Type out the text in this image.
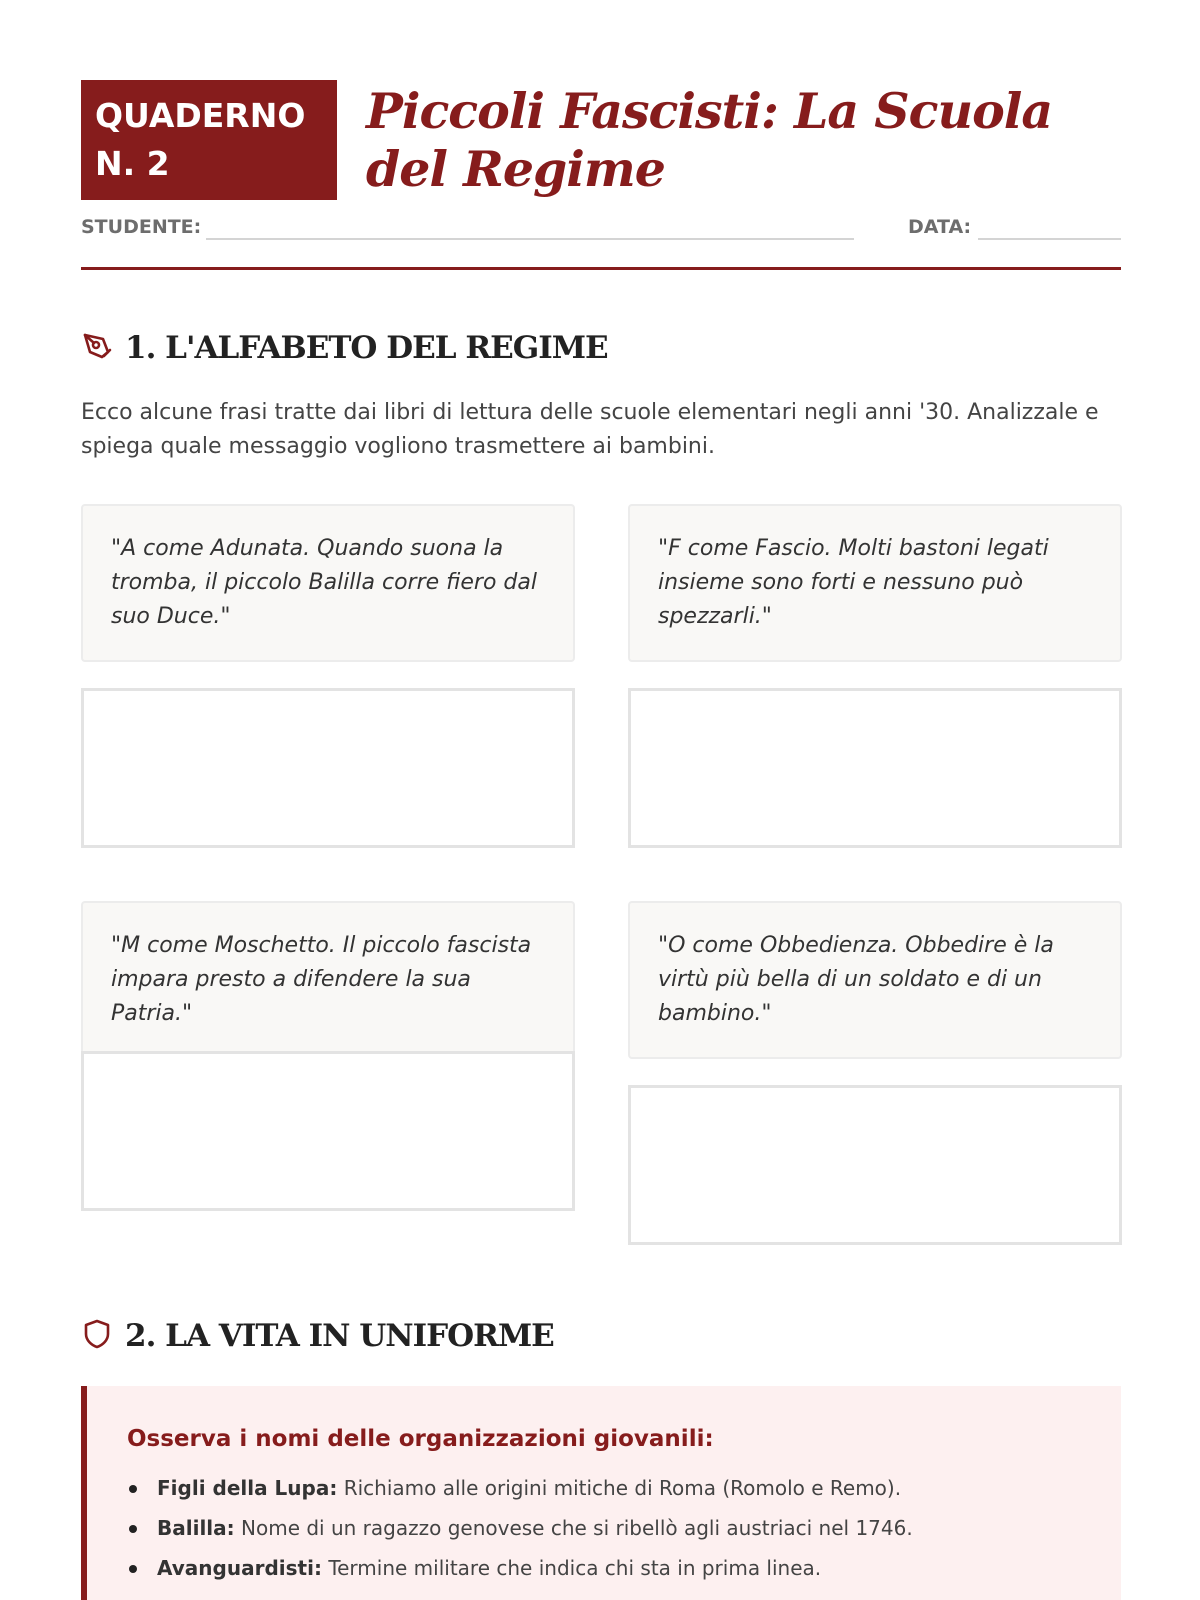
QUADERNO
N. 2
Piccoli Fascisti: La Scuola del Regime
STUDENTE:	DATA:
1. L'ALFABETO DEL REGIME
Ecco alcune frasi tratte dai libri di lettura delle scuole elementari negli anni '30. Analizzale e spiega quale messaggio vogliono trasmettere ai bambini.
"A come Adunata. Quando suona la tromba, il piccolo Balilla corre fiero dal suo Duce."
"F come Fascio. Molti bastoni legati insieme sono forti e nessuno può spezzarli."
"M come Moschetto. Il piccolo fascista impara presto a difendere la sua Patria."
"O come Obbedienza. Obbedire è la virtù più bella di un soldato e di un bambino."
2. LA VITA IN UNIFORME
Osserva i nomi delle organizzazioni giovanili:
Figli della Lupa: Richiamo alle origini mitiche di Roma (Romolo e Remo).
Balilla: Nome di un ragazzo genovese che si ribellò agli austriaci nel 1746.
Avanguardisti: Termine militare che indica chi sta in prima linea.
